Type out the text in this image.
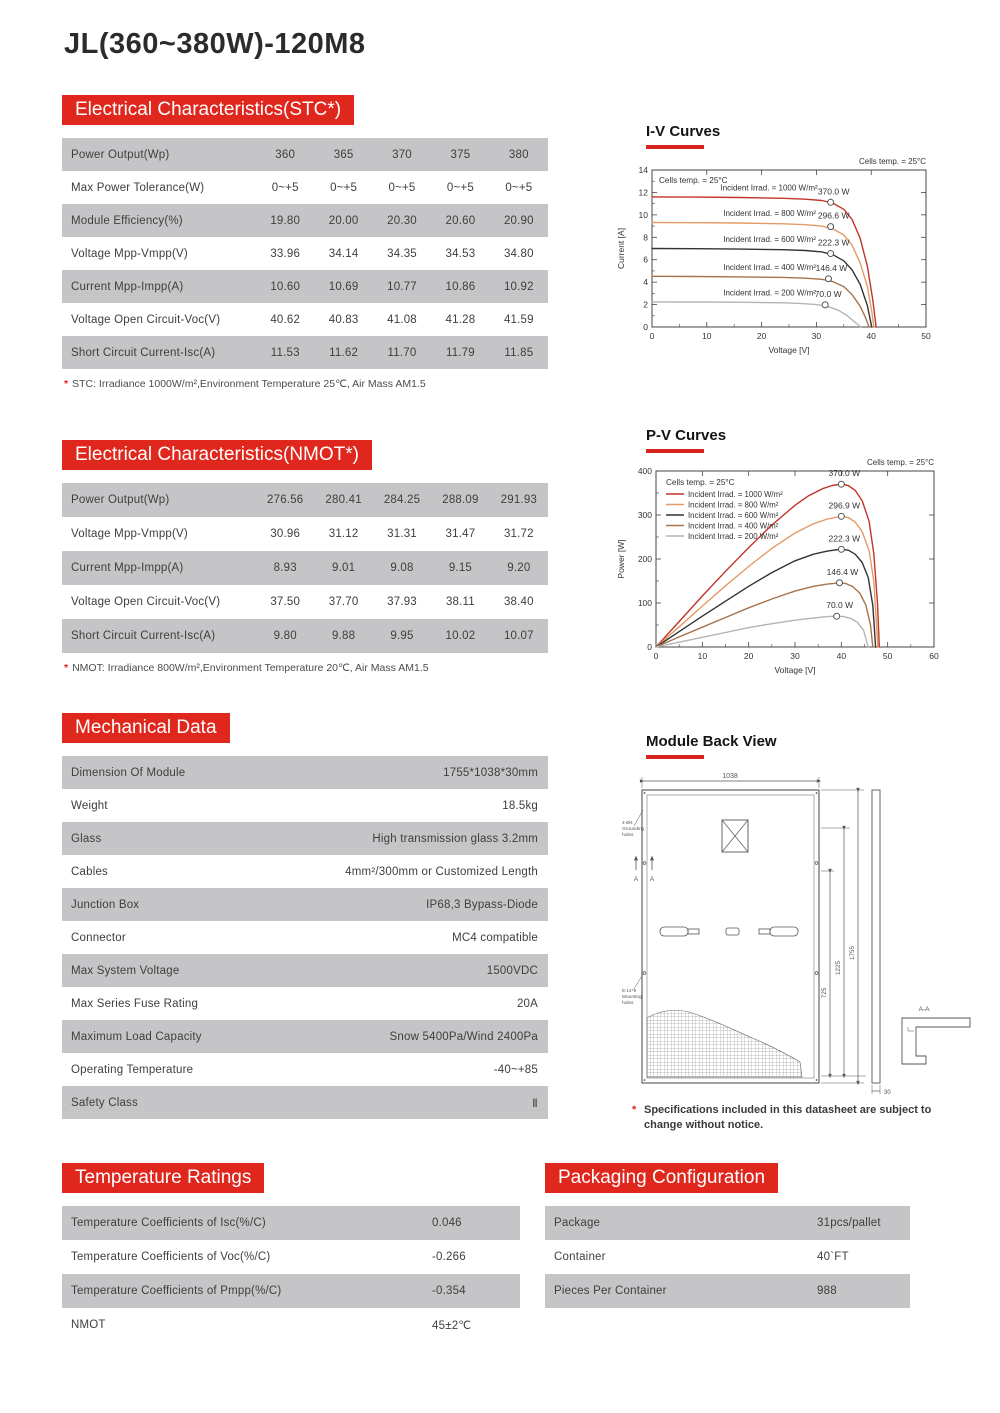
JL(360~380W)-120M8
Electrical Characteristics(STC*)
Power Output(Wp)	360	365	370	375	380
Max Power Tolerance(W)	0~+5	0~+5	0~+5	0~+5	0~+5
Module Efficiency(%)	19.80	20.00	20.30	20.60	20.90
Voltage Mpp-Vmpp(V)	33.96	34.14	34.35	34.53	34.80
Current Mpp-Impp(A)	10.60	10.69	10.77	10.86	10.92
Voltage Open Circuit-Voc(V)	40.62	40.83	41.08	41.28	41.59
Short Circuit Current-Isc(A)	11.53	11.62	11.70	11.79	11.85
* STC: Irradiance 1000W/m²,Environment Temperature 25℃, Air Mass AM1.5
Electrical Characteristics(NMOT*)
Power Output(Wp)	276.56	280.41	284.25	288.09	291.93
Voltage Mpp-Vmpp(V)	30.96	31.12	31.31	31.47	31.72
Current Mpp-Impp(A)	8.93	9.01	9.08	9.15	9.20
Voltage Open Circuit-Voc(V)	37.50	37.70	37.93	38.11	38.40
Short Circuit Current-Isc(A)	9.80	9.88	9.95	10.02	10.07
* NMOT: Irradiance 800W/m²,Environment Temperature 20℃, Air Mass AM1.5
Mechanical Data
Dimension Of Module	1755*1038*30mm
Weight	18.5kg
Glass	High transmission glass 3.2mm
Cables	4mm²/300mm or Customized Length
Junction Box	IP68,3 Bypass-Diode
Connector	MC4 compatible
Max System Voltage	1500VDC
Max Series Fuse Rating	20A
Maximum Load Capacity	Snow 5400Pa/Wind 2400Pa
Operating Temperature	-40~+85
Safety Class	Ⅱ
Temperature Ratings
Temperature Coefficients of Isc(%/C)	0.046
Temperature Coefficients of Voc(%/C)	-0.266
Temperature Coefficients of Pmpp(%/C)	-0.354
NMOT	45±2℃
Packaging Configuration
Package	31pcs/pallet
Container	40`FT
Pieces Per Container	988
I-V Curves
0	10	20	30	40	50
0
2
4
6
8
10
12
14
Voltage [V]
Current [A]
Cells temp. = 25°C
Cells temp. = 25°C
Incident Irrad. = 1000 W/m² 370.0 W
Incident Irrad. = 800 W/m² 296.6 W
Incident Irrad. = 600 W/m² 222.3 W
Incident Irrad. = 400 W/m² 146.4 W
Incident Irrad. = 200 W/m²
70.0 W
P-V Curves
0	10	20	30	40	50	60
0
100
200
300
400
Voltage [V]
Power [W]
Cells temp. = 25°C
Cells temp. = 25°C
Incident Irrad. = 1000 W/m²
Incident Irrad. = 800 W/m²
Incident Irrad. = 600 W/m²
Incident Irrad. = 400 W/m²
Incident Irrad. = 200 W/m²
370.0 W
296.9 W
222.3 W
146.4 W
70.0 W
Module Back View
1038
A A
4-Ø4
Grounding
holes
8-14*9
Mounting
holes
725
1225
1755
30
A-A
* Specifications included in this datasheet are subject to change without notice.
